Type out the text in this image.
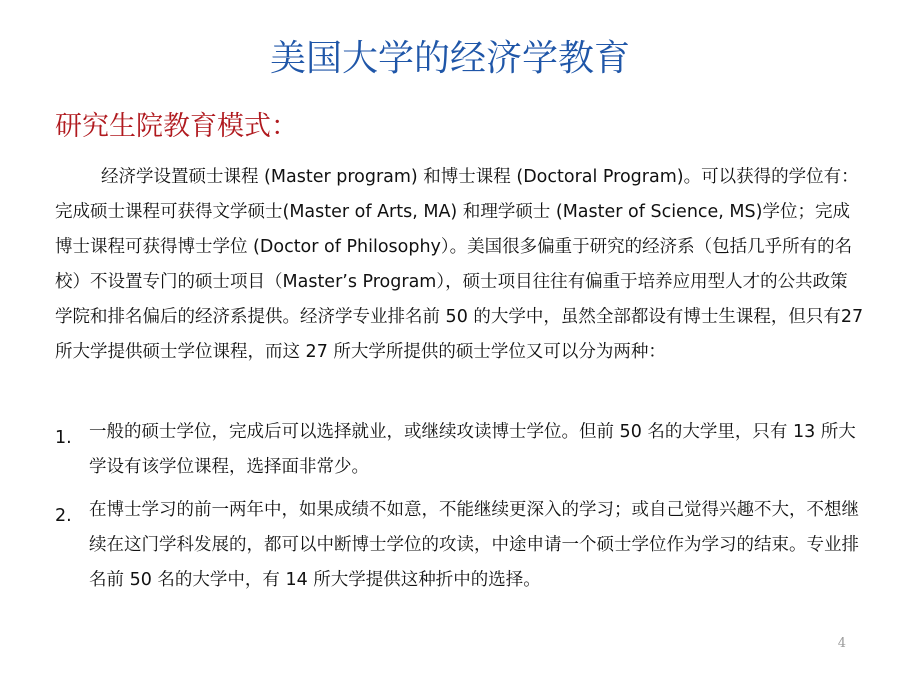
美国大学的经济学教育
研究生院教育模式：
经济学设置硕士课程 (Master program) 和博士课程 (Doctoral Program)。可以获得的学位有：完成硕士课程可获得文学硕士(Master of Arts, MA) 和理学硕士 (Master of Science, MS)学位；完成博士课程可获得博士学位 (Doctor of Philosophy）。美国很多偏重于研究的经济系（包括几乎所有的名校）不设置专门的硕士项目（Master’s Program），硕士项目往往有偏重于培养应用型人才的公共政策学院和排名偏后的经济系提供。经济学专业排名前 50 的大学中，虽然全部都设有博士生课程，但只有27所大学提供硕士学位课程，而这 27 所大学所提供的硕士学位又可以分为两种：
1. 一般的硕士学位，完成后可以选择就业，或继续攻读博士学位。但前 50 名的大学里，只有 13 所大学设有该学位课程，选择面非常少。
2. 在博士学习的前一两年中，如果成绩不如意，不能继续更深入的学习；或自己觉得兴趣不大，不想继续在这门学科发展的，都可以中断博士学位的攻读，中途申请一个硕士学位作为学习的结束。专业排名前 50 名的大学中，有 14 所大学提供这种折中的选择。
4
